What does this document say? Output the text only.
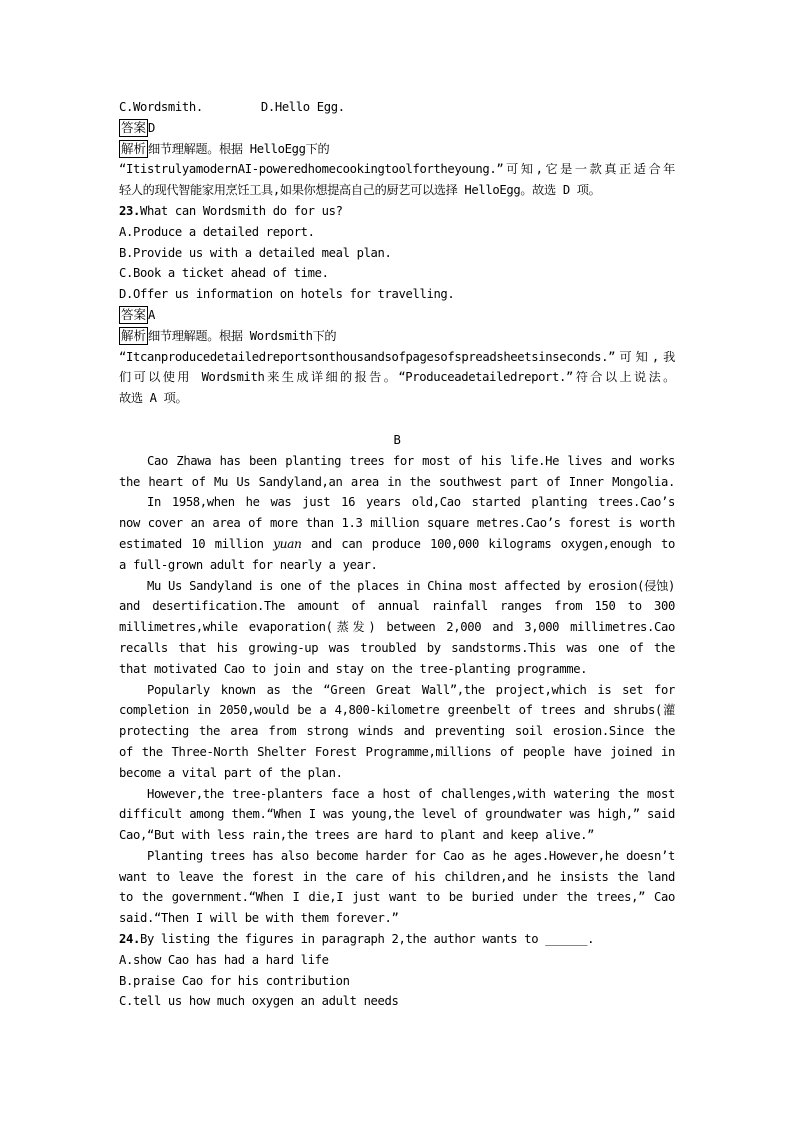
C.Wordsmith.	D.Hello Egg.
答案 D
解析 细节理解题。根据 HelloEgg下的
“ItistrulyamodernAI-poweredhomecookingtoolfortheyoung.”可知,它是一款真正适合年
轻人的现代智能家用烹饪工具,如果你想提高自己的厨艺可以选择 HelloEgg。故选 D 项。
23.What can Wordsmith do for us?
A.Produce a detailed report.
B.Provide us with a detailed meal plan.
C.Book a ticket ahead of time.
D.Offer us information on hotels for travelling.
答案 A
解析 细节理解题。根据 Wordsmith下的
“Itcanproducedetailedreportsonthousandsofpagesofspreadsheetsinseconds.”可知,我
们可以使用 Wordsmith来生成详细的报告。“Produceadetailedreport.”符合以上说法。
故选 A 项。
B
Cao Zhawa has been planting trees for most of his life.He lives and works
the heart of Mu Us Sandyland,an area in the southwest part of Inner Mongolia.
In 1958,when he was just 16 years old,Cao started planting trees.Cao’s
now cover an area of more than 1.3 million square metres.Cao’s forest is worth
estimated 10 million yuan and can produce 100,000 kilograms oxygen,enough to
a full-grown adult for nearly a year.
Mu Us Sandyland is one of the places in China most affected by erosion(侵蚀)
and desertification.The amount of annual rainfall ranges from 150 to 300
millimetres,while evaporation(蒸发) between 2,000 and 3,000 millimetres.Cao
recalls that his growing-up was troubled by sandstorms.This was one of the
that motivated Cao to join and stay on the tree-planting programme.
Popularly known as the “Green Great Wall”,the project,which is set for
completion in 2050,would be a 4,800-kilometre greenbelt of trees and shrubs(灌
protecting the area from strong winds and preventing soil erosion.Since the
of the Three-North Shelter Forest Programme,millions of people have joined in
become a vital part of the plan.
However,the tree-planters face a host of challenges,with watering the most
difficult among them.“When I was young,the level of groundwater was high,” said
Cao,“But with less rain,the trees are hard to plant and keep alive.”
Planting trees has also become harder for Cao as he ages.However,he doesn’t
want to leave the forest in the care of his children,and he insists the land
to the government.“When I die,I just want to be buried under the trees,” Cao
said.“Then I will be with them forever.”
24.By listing the figures in paragraph 2,the author wants to ______.
A.show Cao has had a hard life
B.praise Cao for his contribution
C.tell us how much oxygen an adult needs
